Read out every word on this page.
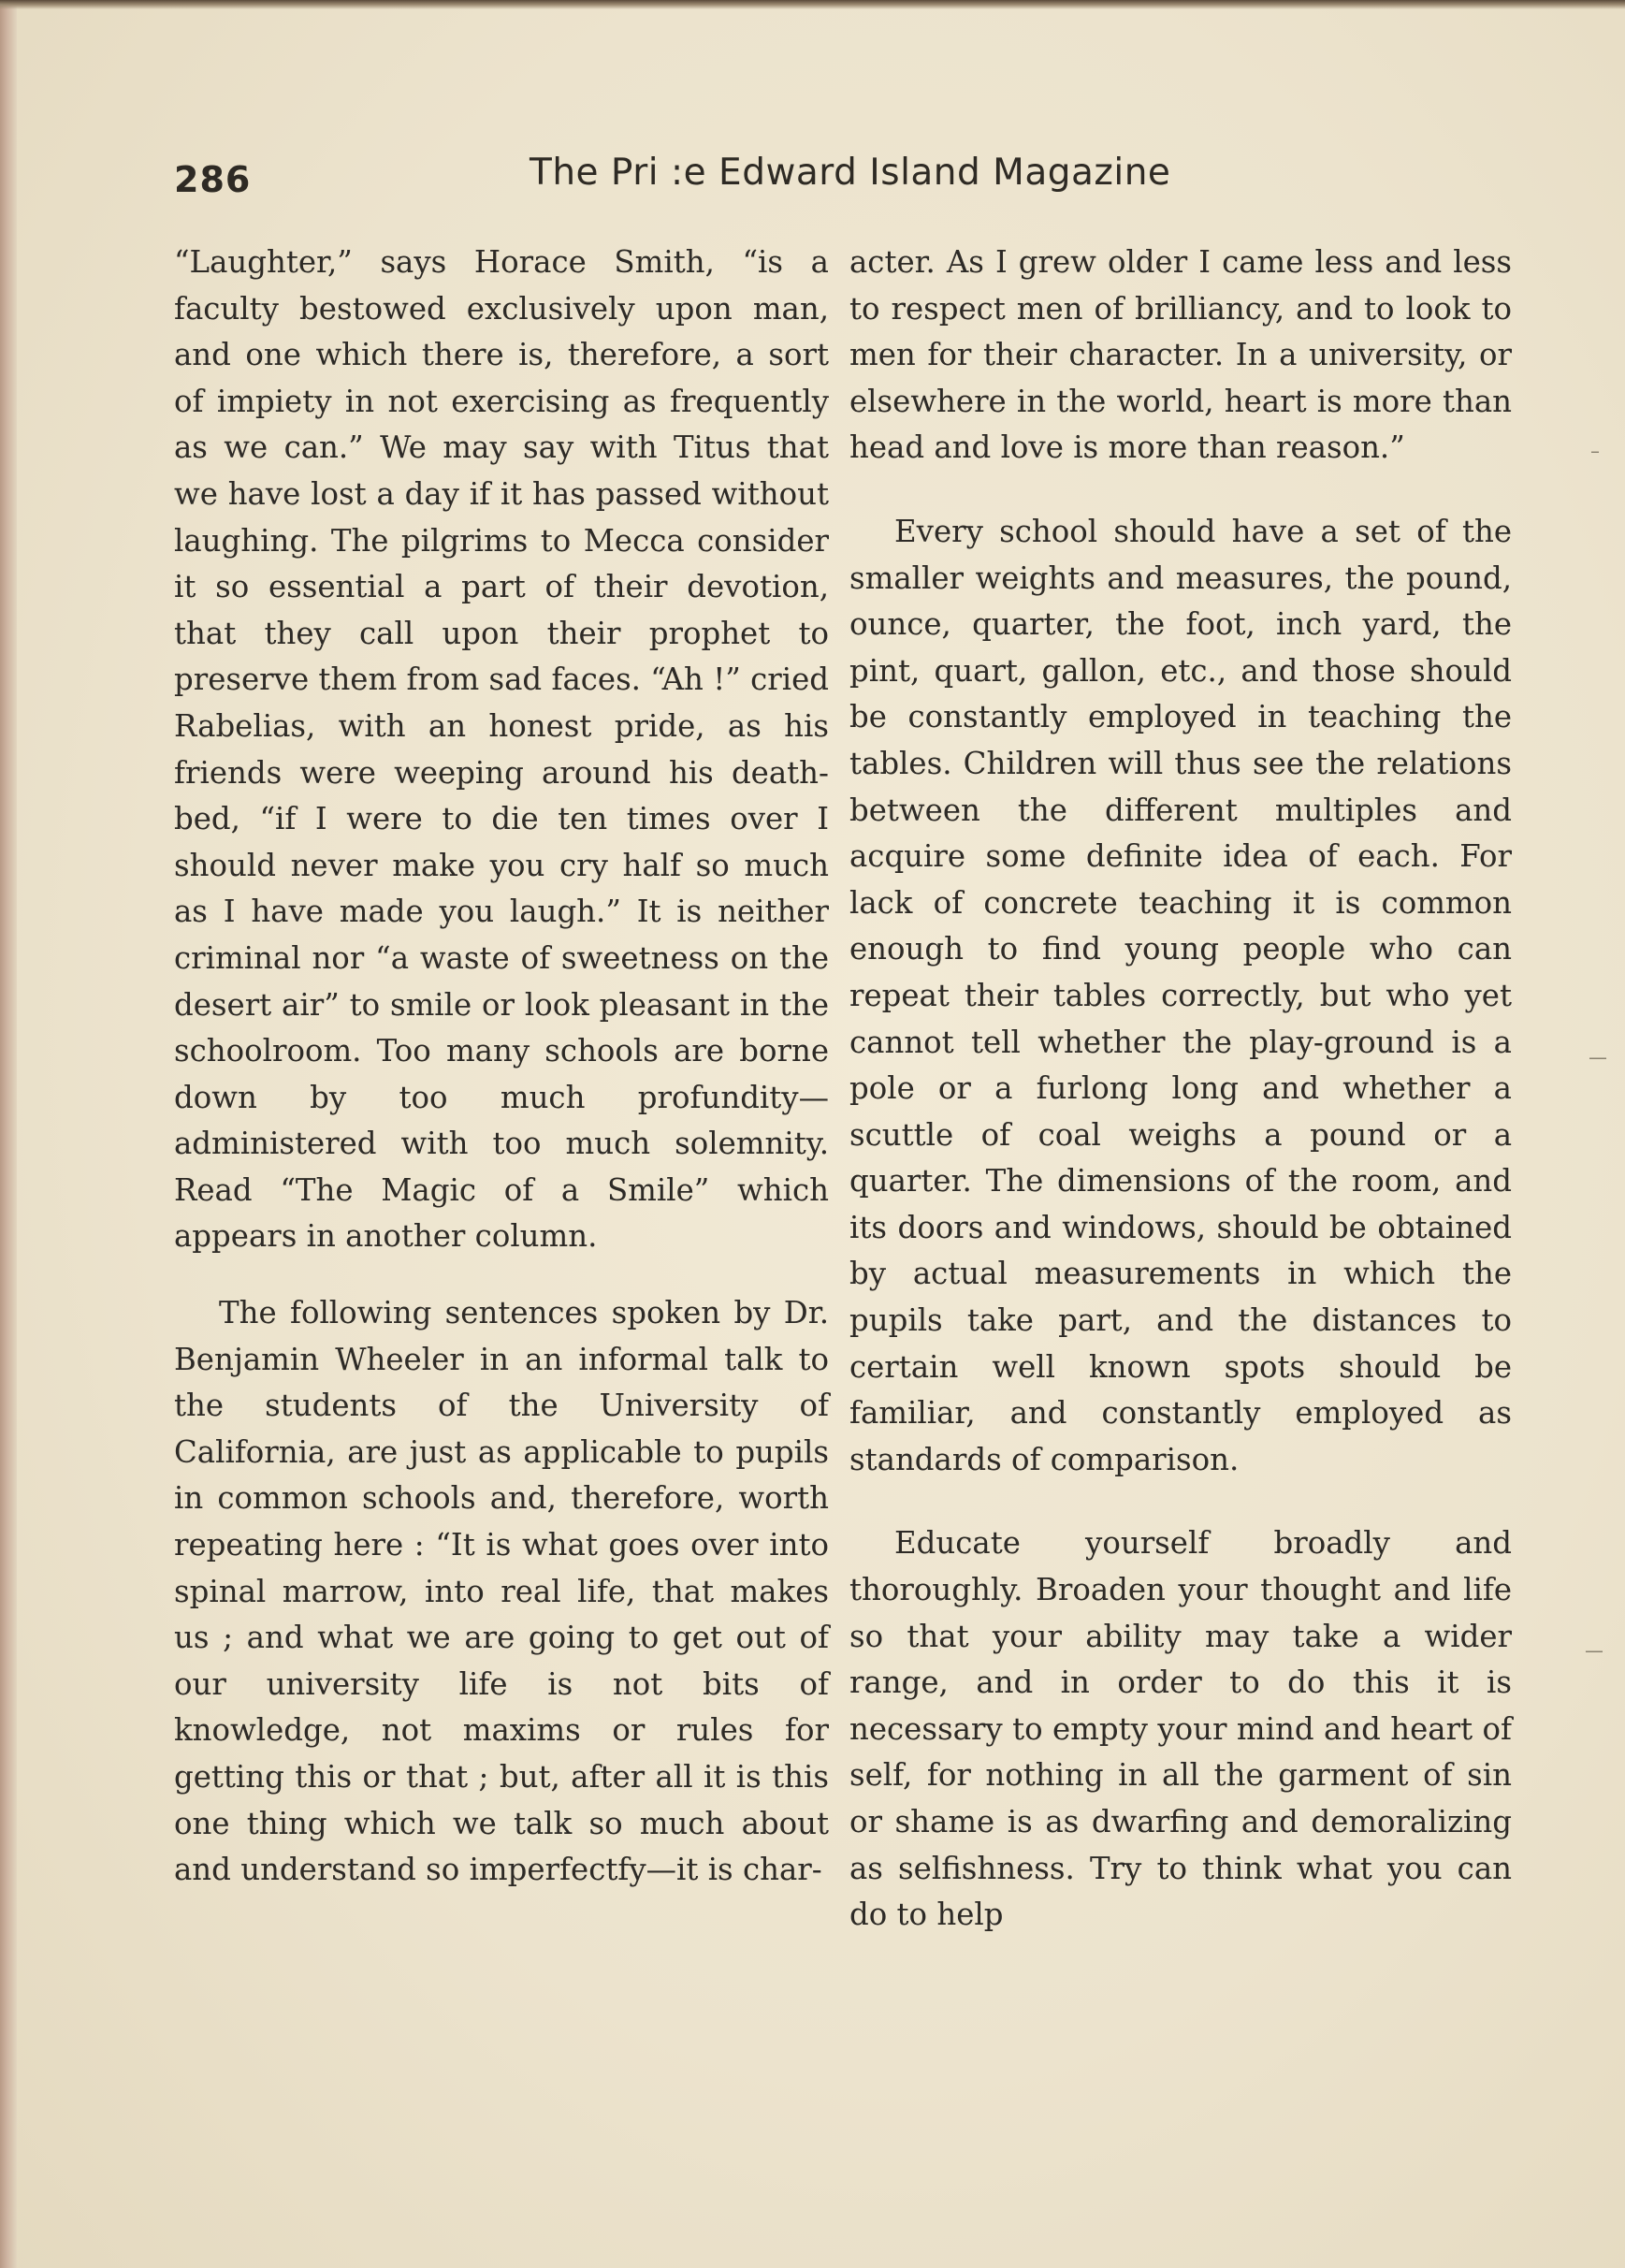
286	The Pri :e Edward Island Magazine

“Laughter,” says Horace Smith, “is a faculty bestowed exclusively upon man, and one which there is, therefore, a sort of impiety in not exercising as frequently as we can.” We may say with Titus that we have lost a day if it has passed without laughing. The pilgrims to Mecca consider it so essential a part of their devotion, that they call upon their prophet to preserve them from sad faces. “Ah !” cried Rabelias, with an honest pride, as his friends were weeping around his death-bed, “if I were to die ten times over I should never make you cry half so much as I have made you laugh.” It is neither criminal nor “a waste of sweetness on the desert air” to smile or look pleasant in the schoolroom. Too many schools are borne down by too much profundity—administered with too much solemnity. Read “The Magic of a Smile” which appears in another column.

The following sentences spoken by Dr. Benjamin Wheeler in an informal talk to the students of the University of California, are just as applicable to pupils in common schools and, therefore, worth repeating here : “It is what goes over into spinal marrow, into real life, that makes us ; and what we are going to get out of our university life is not bits of knowledge, not maxims or rules for getting this or that ; but, after all it is this one thing which we talk so much about and understand so imperfectfy—it is char-

acter. As I grew older I came less and less to respect men of brilliancy, and to look to men for their character. In a university, or elsewhere in the world, heart is more than head and love is more than reason.”

Every school should have a set of the smaller weights and measures, the pound, ounce, quarter, the foot, inch yard, the pint, quart, gallon, etc., and those should be constantly employed in teaching the tables. Children will thus see the relations between the different multiples and acquire some definite idea of each. For lack of concrete teaching it is common enough to find young people who can repeat their tables correctly, but who yet cannot tell whether the play-ground is a pole or a furlong long and whether a scuttle of coal weighs a pound or a quarter. The dimensions of the room, and its doors and windows, should be obtained by actual measurements in which the pupils take part, and the distances to certain well known spots should be familiar, and constantly employed as standards of comparison.

Educate yourself broadly and thoroughly. Broaden your thought and life so that your ability may take a wider range, and in order to do this it is necessary to empty your mind and heart of self, for nothing in all the garment of sin or shame is as dwarfing and demoralizing as selfishness. Try to think what you can do to help

–
—
—
